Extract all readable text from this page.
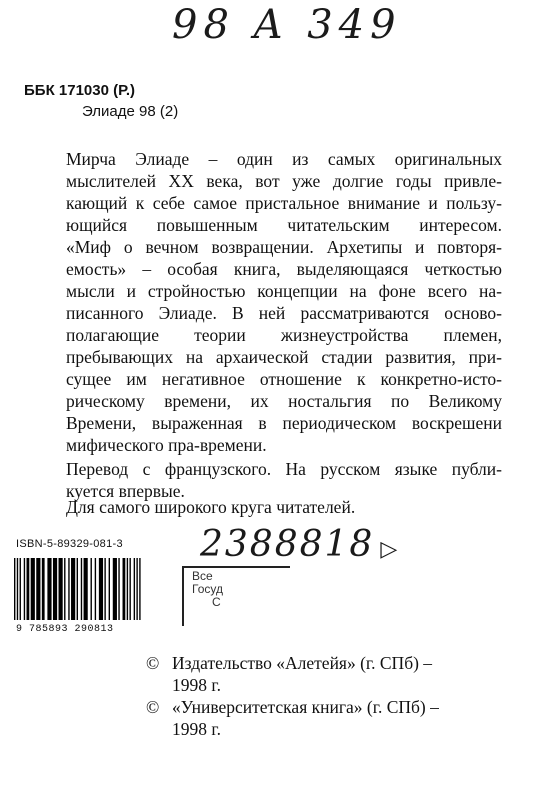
98 A 349
ББК 171030 (Р.)
Элиаде 98 (2)
Мирча Элиаде – один из самых оригинальных
мыслителей XX века, вот уже долгие годы привле-
кающий к себе самое пристальное внимание и пользу-
ющийся повышенным читательским интересом.
«Миф о вечном возвращении. Архетипы и повторя-
емость» – особая книга, выделяющаяся четкостью
мысли и стройностью концепции на фоне всего на-
писанного Элиаде. В ней рассматриваются осново-
полагающие теории жизнеустройства племен,
пребывающих на архаической стадии развития, при-
сущее им негативное отношение к конкретно-исто-
рическому времени, их ностальгия по Великому
Времени, выраженная в периодическом воскрешени
мифического пра-времени.
Перевод с французского. На русском языке публи-
куется впервые.
Для самого широкого круга читателей.
ISBN-5-89329-081-3
9 785893 290813
2388818 ▷
Все
Госуд
С
© Издательство «Алетейя» (г. СПб) –
1998 г.
© «Университетская книга» (г. СПб) –
1998 г.
